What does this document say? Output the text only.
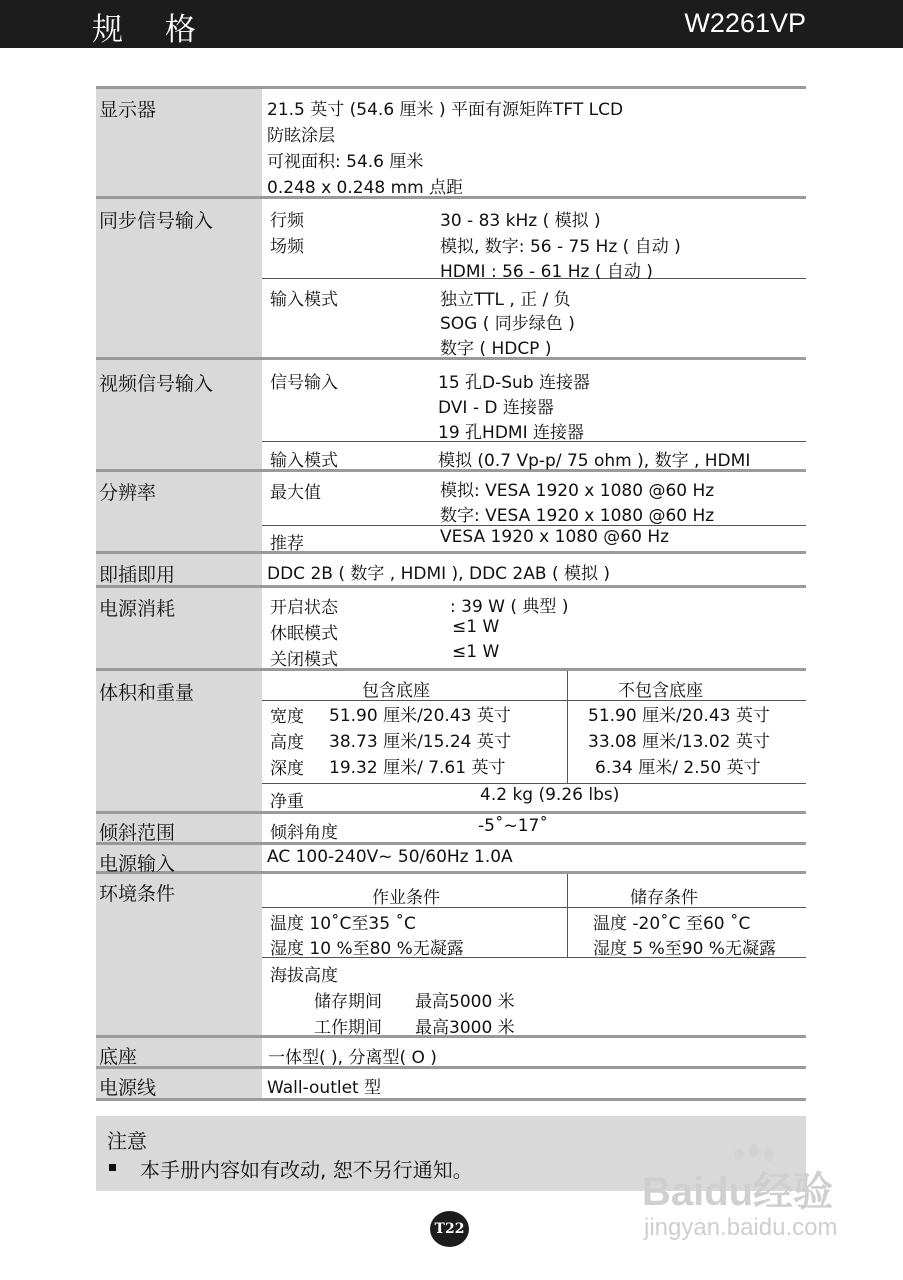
规 格	W2261VP
显示器	21.5 英寸 (54.6 厘米 ) 平面有源矩阵TFT LCD
防眩涂层
可视面积: 54.6 厘米
0.248 x 0.248 mm 点距
同步信号输入	行频	30 - 83 kHz ( 模拟 )
场频	模拟, 数字: 56 - 75 Hz ( 自动 )
HDMI : 56 - 61 Hz ( 自动 )
输入模式	独立TTL , 正 / 负
SOG ( 同步绿色 )
数字 ( HDCP )
视频信号输入	信号输入	15 孔D-Sub 连接器
DVI - D 连接器
19 孔HDMI 连接器
输入模式	模拟 (0.7 Vp-p/ 75 ohm ), 数字 , HDMI
分辨率	最大值	模拟: VESA 1920 x 1080 @60 Hz
数字: VESA 1920 x 1080 @60 Hz
推荐	VESA 1920 x 1080 @60 Hz
即插即用	DDC 2B ( 数字 , HDMI ), DDC 2AB ( 模拟 )
电源消耗	开启状态	: 39 W ( 典型 )
休眠模式	≤1 W
关闭模式	≤1 W
体积和重量	包含底座	不包含底座
宽度 51.90 厘米/20.43 英寸	51.90 厘米/20.43 英寸
高度 38.73 厘米/15.24 英寸	33.08 厘米/13.02 英寸
深度 19.32 厘米/ 7.61 英寸	6.34 厘米/ 2.50 英寸
净重	4.2 kg (9.26 lbs)
倾斜范围	倾斜角度	-5˚~17˚
电源输入	AC 100-240V~ 50/60Hz 1.0A
环境条件	作业条件	储存条件
温度 10˚C至35 ˚C	温度 -20˚C 至60 ˚C
湿度 10 %至80 %无凝露	湿度 5 %至90 %无凝露
海拔高度
储存期间 最高5000 米
工作期间 最高3000 米
底座	一体型( ), 分离型( O )
电源线	Wall-outlet 型
注意
本手册内容如有改动, 恕不另行通知。
T22
Baidu经验
jingyan.baidu.com
